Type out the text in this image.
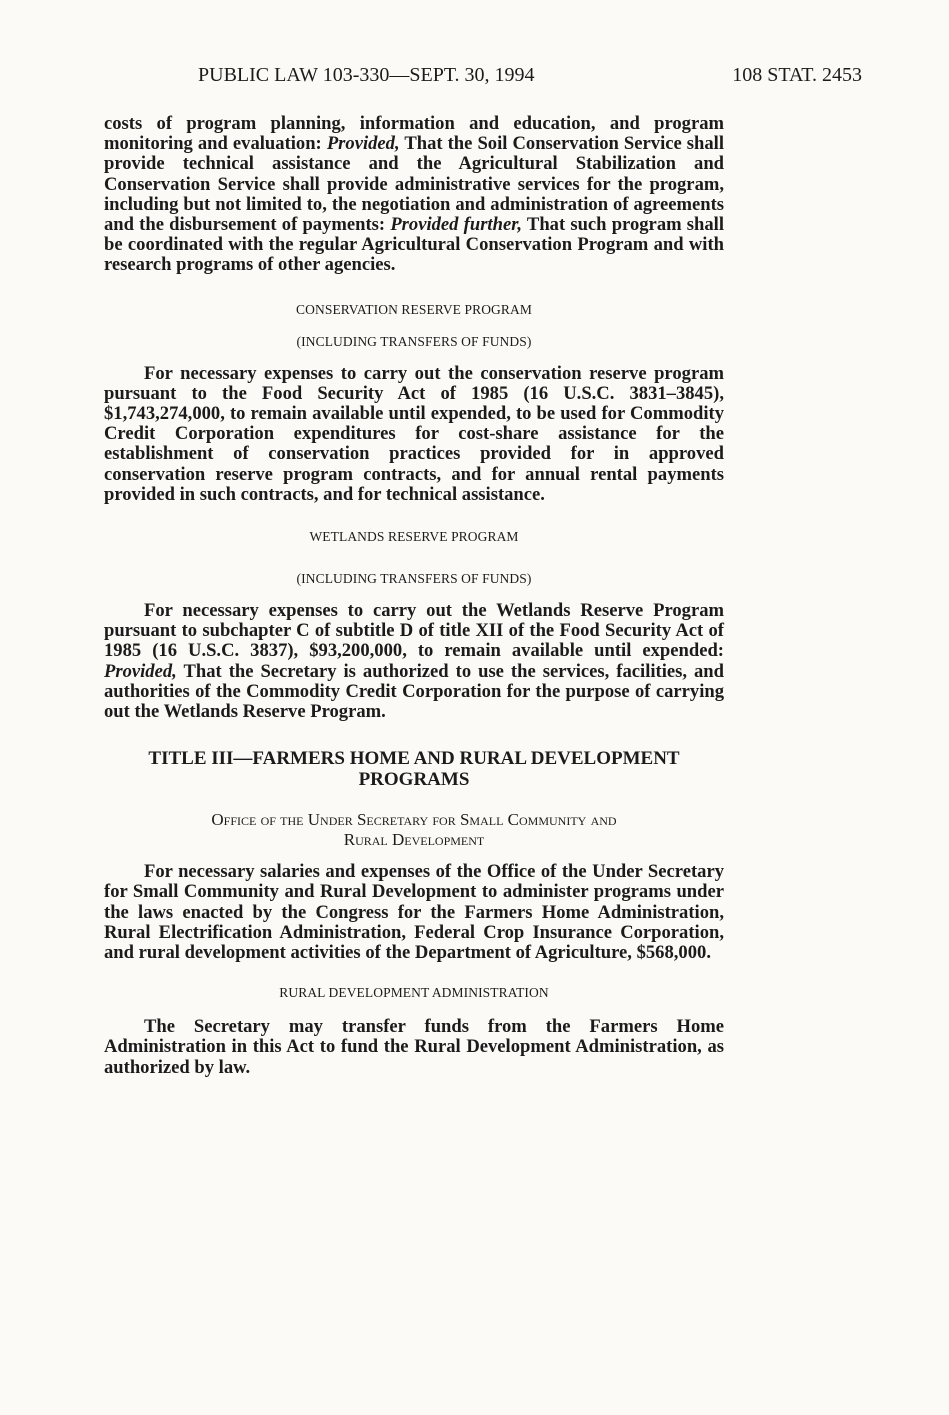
PUBLIC LAW 103-330—SEPT. 30, 1994	108 STAT. 2453

costs of program planning, information and education, and program monitoring and evaluation: Provided, That the Soil Conservation Service shall provide technical assistance and the Agricultural Stabilization and Conservation Service shall provide administrative services for the program, including but not limited to, the negotiation and administration of agreements and the disbursement of payments: Provided further, That such program shall be coordinated with the regular Agricultural Conservation Program and with research programs of other agencies.

CONSERVATION RESERVE PROGRAM
(INCLUDING TRANSFERS OF FUNDS)

For necessary expenses to carry out the conservation reserve program pursuant to the Food Security Act of 1985 (16 U.S.C. 3831–3845), $1,743,274,000, to remain available until expended, to be used for Commodity Credit Corporation expenditures for cost-share assistance for the establishment of conservation practices provided for in approved conservation reserve program contracts, and for annual rental payments provided in such contracts, and for technical assistance.

WETLANDS RESERVE PROGRAM
(INCLUDING TRANSFERS OF FUNDS)

For necessary expenses to carry out the Wetlands Reserve Program pursuant to subchapter C of subtitle D of title XII of the Food Security Act of 1985 (16 U.S.C. 3837), $93,200,000, to remain available until expended: Provided, That the Secretary is authorized to use the services, facilities, and authorities of the Commodity Credit Corporation for the purpose of carrying out the Wetlands Reserve Program.

TITLE III—FARMERS HOME AND RURAL DEVELOPMENT
PROGRAMS
Office of the Under Secretary for Small Community and
Rural Development

For necessary salaries and expenses of the Office of the Under Secretary for Small Community and Rural Development to administer programs under the laws enacted by the Congress for the Farmers Home Administration, Rural Electrification Administration, Federal Crop Insurance Corporation, and rural development activities of the Department of Agriculture, $568,000.

RURAL DEVELOPMENT ADMINISTRATION

The Secretary may transfer funds from the Farmers Home Administration in this Act to fund the Rural Development Administration, as authorized by law.
